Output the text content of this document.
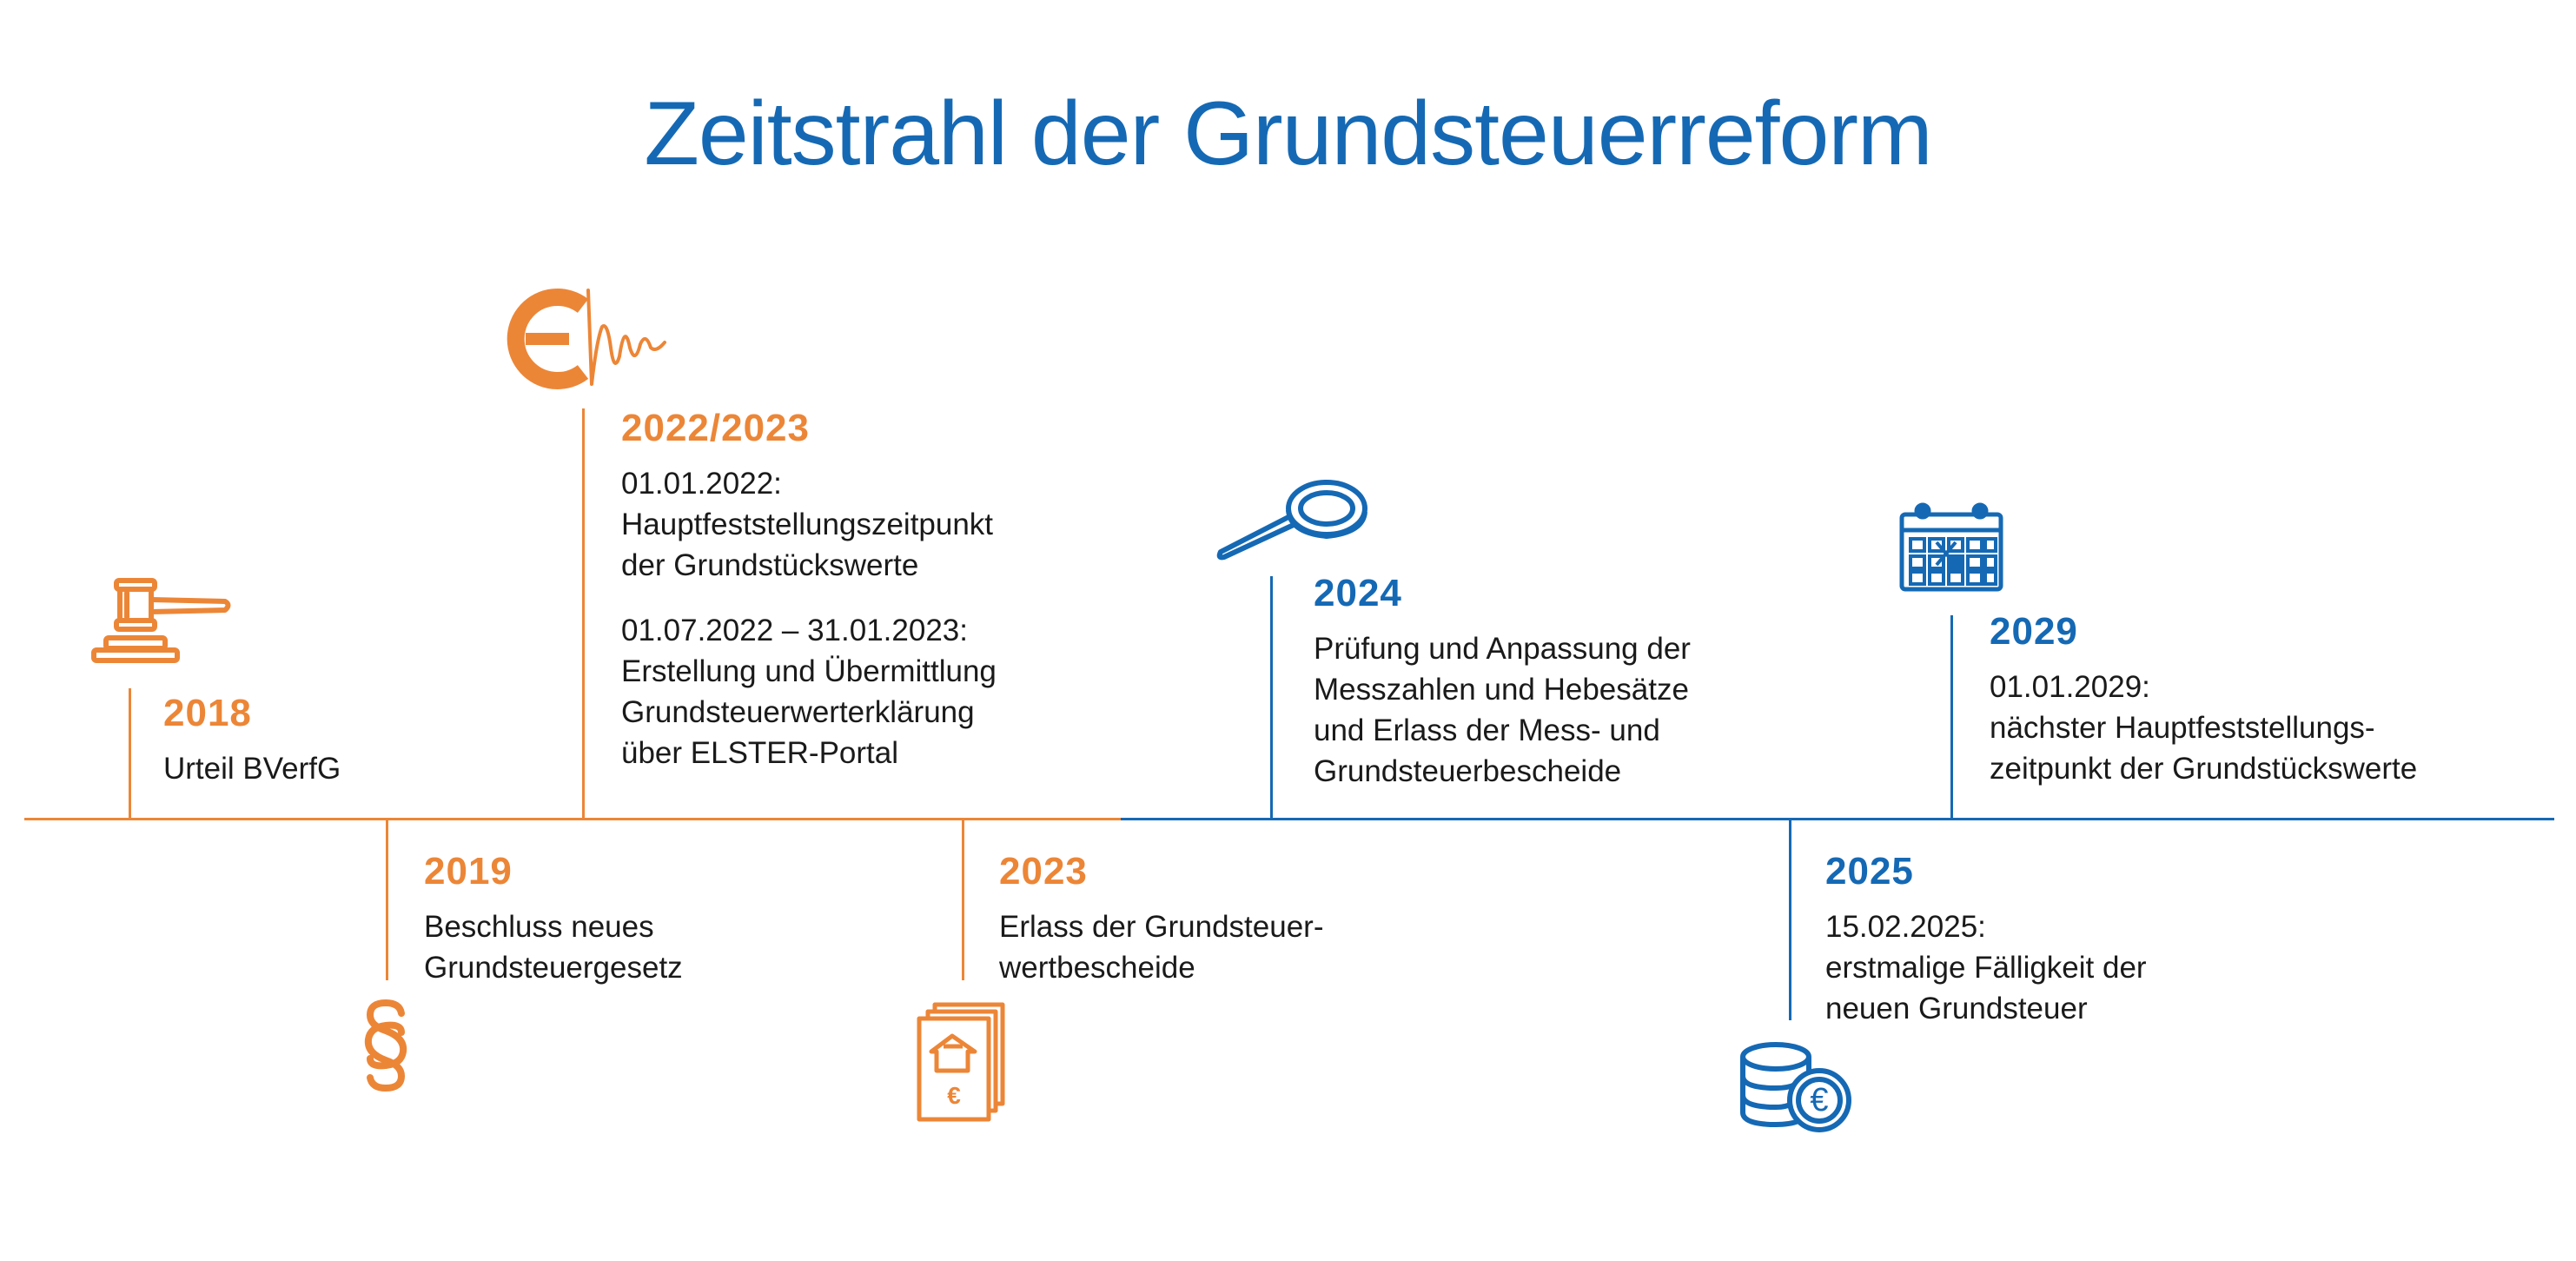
Zeitstrahl der Grundsteuerreform
2018

Urteil BVerfG

2019

Beschluss neues

Grundsteuergesetz

2022/2023

01.01.2022:

Hauptfeststellungszeitpunkt

der Grundstückswerte

01.07.2022 – 31.01.2023:

Erstellung und Übermittlung

Grundsteuerwerterklärung

über ELSTER-Portal

2023

Erlass der Grundsteuer-

wertbescheide

2024

Prüfung und Anpassung der

Messzahlen und Hebesätze

und Erlass der Mess- und

Grundsteuerbescheide

2025

15.02.2025:

erstmalige Fälligkeit der

neuen Grundsteuer

2029

01.01.2029:

nächster Hauptfeststellungs-

zeitpunkt der Grundstückswerte

€	€
